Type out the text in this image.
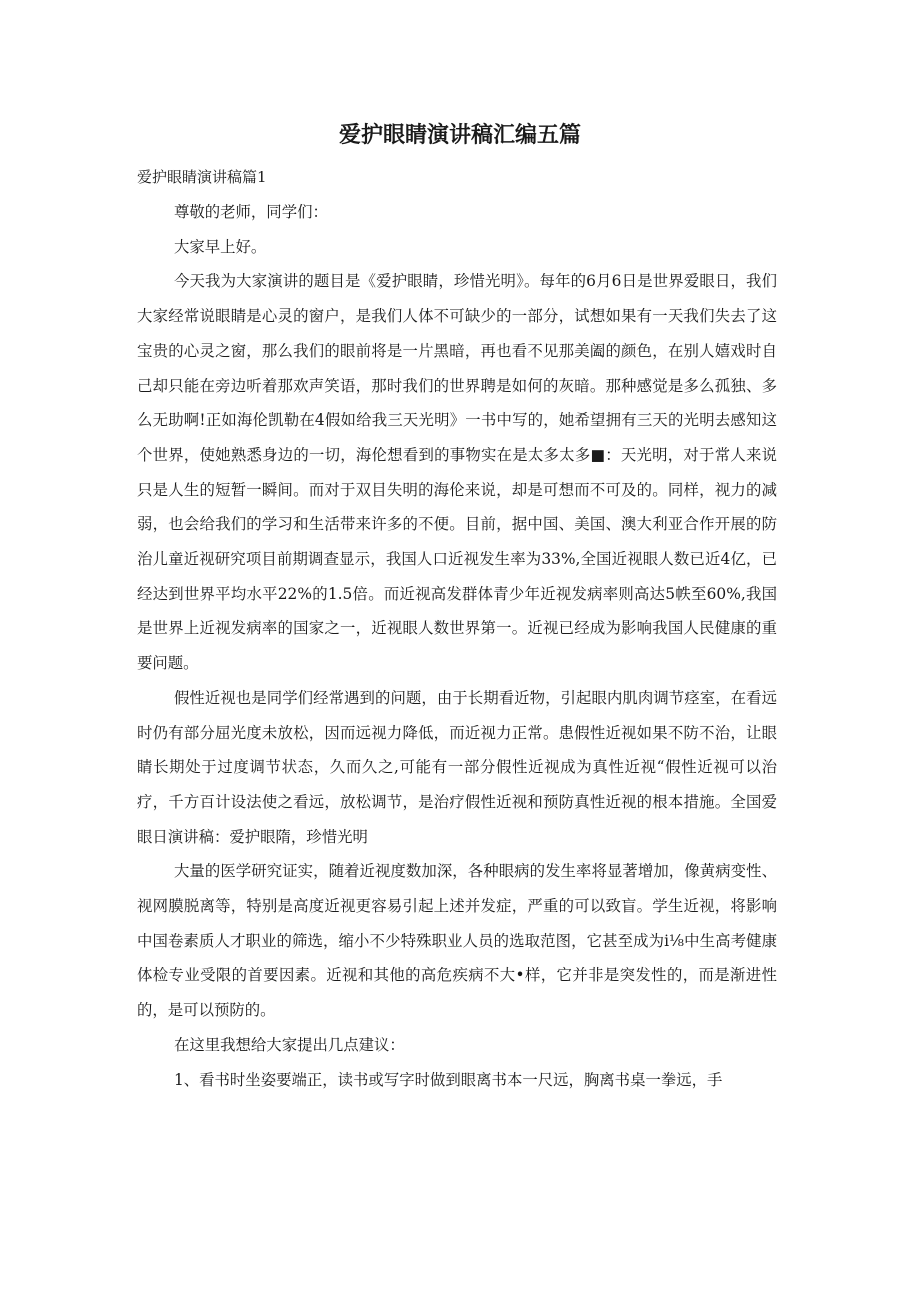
爱护眼睛演讲稿汇编五篇
爱护眼睛演讲稿篇1

尊敬的老师，同学们：

大家早上好。

今天我为大家演讲的题目是《爱护眼睛，珍惜光明》。每年的6月6日是世界爱眼日，我们大家经常说眼睛是心灵的窗户，是我们人体不可缺少的一部分，试想如果有一天我们失去了这宝贵的心灵之窗，那么我们的眼前将是一片黑暗，再也看不见那美阖的颜色，在别人嬉戏时自己却只能在旁边听着那欢声笑语，那时我们的世界聘是如何的灰暗。那种感觉是多么孤独、多么无助啊!正如海伦凯勒在4假如给我三天光明》一书中写的，她希望拥有三天的光明去感知这个世界，使她熟悉身边的一切，海伦想看到的事物实在是太多太多■：天光明，对于常人来说只是人生的短暂一瞬间。而对于双目失明的海伦来说，却是可想而不可及的。同样，视力的减弱，也会给我们的学习和生活带来许多的不便。目前，据中国、美国、澳大利亚合作开展的防治儿童近视研究项目前期调查显示，我国人口近视发生率为33%,全国近视眼人数已近4亿，已经达到世界平均水平22%的1.5倍。而近视高发群体青少年近视发病率则高达5帙至60%,我国是世界上近视发病率的国家之一，近视眼人数世界第一。近视已经成为影响我国人民健康的重要问题。

假性近视也是同学们经常遇到的问题，由于长期看近物，引起眼内肌肉调节痉室，在看远时仍有部分屈光度未放松，因而远视力降低，而近视力正常。患假性近视如果不防不治，让眼睛长期处于过度调节状态，久而久之,可能有一部分假性近视成为真性近视“假性近视可以治疗，千方百计设法使之看远，放松调节，是治疗假性近视和预防真性近视的根本措施。全国爱眼日演讲稿：爱护眼隋，珍惜光明

大量的医学研究证实，随着近视度数加深，各种眼病的发生率将显著增加，像黄病变性、视网膜脱离等，特别是高度近视更容易引起上述并发症，严重的可以致盲。学生近视，将影响中国卷素质人才职业的筛选，缩小不少特殊职业人员的选取范图，它甚至成为i⅛中生高考健康体检专业受限的首要因素。近视和其他的高危疾病不大•样，它并非是突发性的，而是渐进性的，是可以预防的。

在这里我想给大家提出几点建议：

1、看书时坐姿要端正，读书或写字时做到眼离书本一尺远，胸离书桌一拳远，手
